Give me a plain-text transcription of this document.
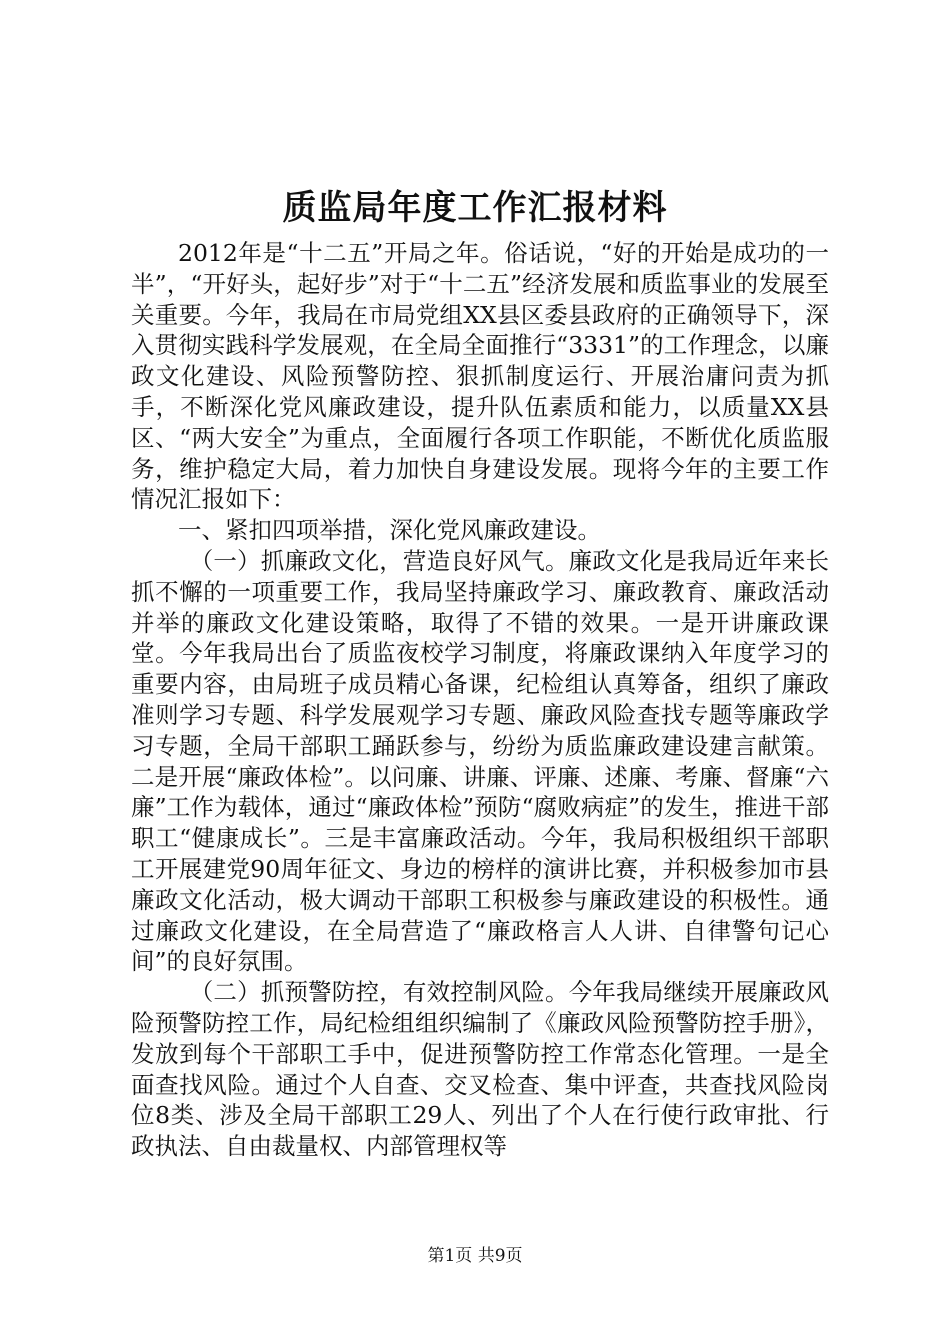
质监局年度工作汇报材料

2012年是“十二五”开局之年。俗话说，“好的开始是成功的一半”，“开好头，起好步”对于“十二五”经济发展和质监事业的发展至关重要。今年，我局在市局党组XX县区委县政府的正确领导下，深入贯彻实践科学发展观，在全局全面推行“3331”的工作理念，以廉政文化建设、风险预警防控、狠抓制度运行、开展治庸问责为抓手，不断深化党风廉政建设，提升队伍素质和能力，以质量XX县区、“两大安全”为重点，全面履行各项工作职能，不断优化质监服务，维护稳定大局，着力加快自身建设发展。现将今年的主要工作情况汇报如下：

一、紧扣四项举措，深化党风廉政建设。

（一）抓廉政文化，营造良好风气。廉政文化是我局近年来长抓不懈的一项重要工作，我局坚持廉政学习、廉政教育、廉政活动并举的廉政文化建设策略，取得了不错的效果。一是开讲廉政课堂。今年我局出台了质监夜校学习制度，将廉政课纳入年度学习的重要内容，由局班子成员精心备课，纪检组认真筹备，组织了廉政准则学习专题、科学发展观学习专题、廉政风险查找专题等廉政学习专题，全局干部职工踊跃参与，纷纷为质监廉政建设建言献策。二是开展“廉政体检”。以问廉、讲廉、评廉、述廉、考廉、督廉“六廉”工作为载体，通过“廉政体检”预防“腐败病症”的发生，推进干部职工“健康成长”。三是丰富廉政活动。今年，我局积极组织干部职工开展建党90周年征文、身边的榜样的演讲比赛，并积极参加市县廉政文化活动，极大调动干部职工积极参与廉政建设的积极性。通过廉政文化建设，在全局营造了“廉政格言人人讲、自律警句记心间”的良好氛围。

（二）抓预警防控，有效控制风险。今年我局继续开展廉政风险预警防控工作，局纪检组组织编制了《廉政风险预警防控手册》，发放到每个干部职工手中，促进预警防控工作常态化管理。一是全面查找风险。通过个人自查、交叉检查、集中评查，共查找风险岗位8类、涉及全局干部职工29人、列出了个人在行使行政审批、行政执法、自由裁量权、内部管理权等

第1页 共9页
